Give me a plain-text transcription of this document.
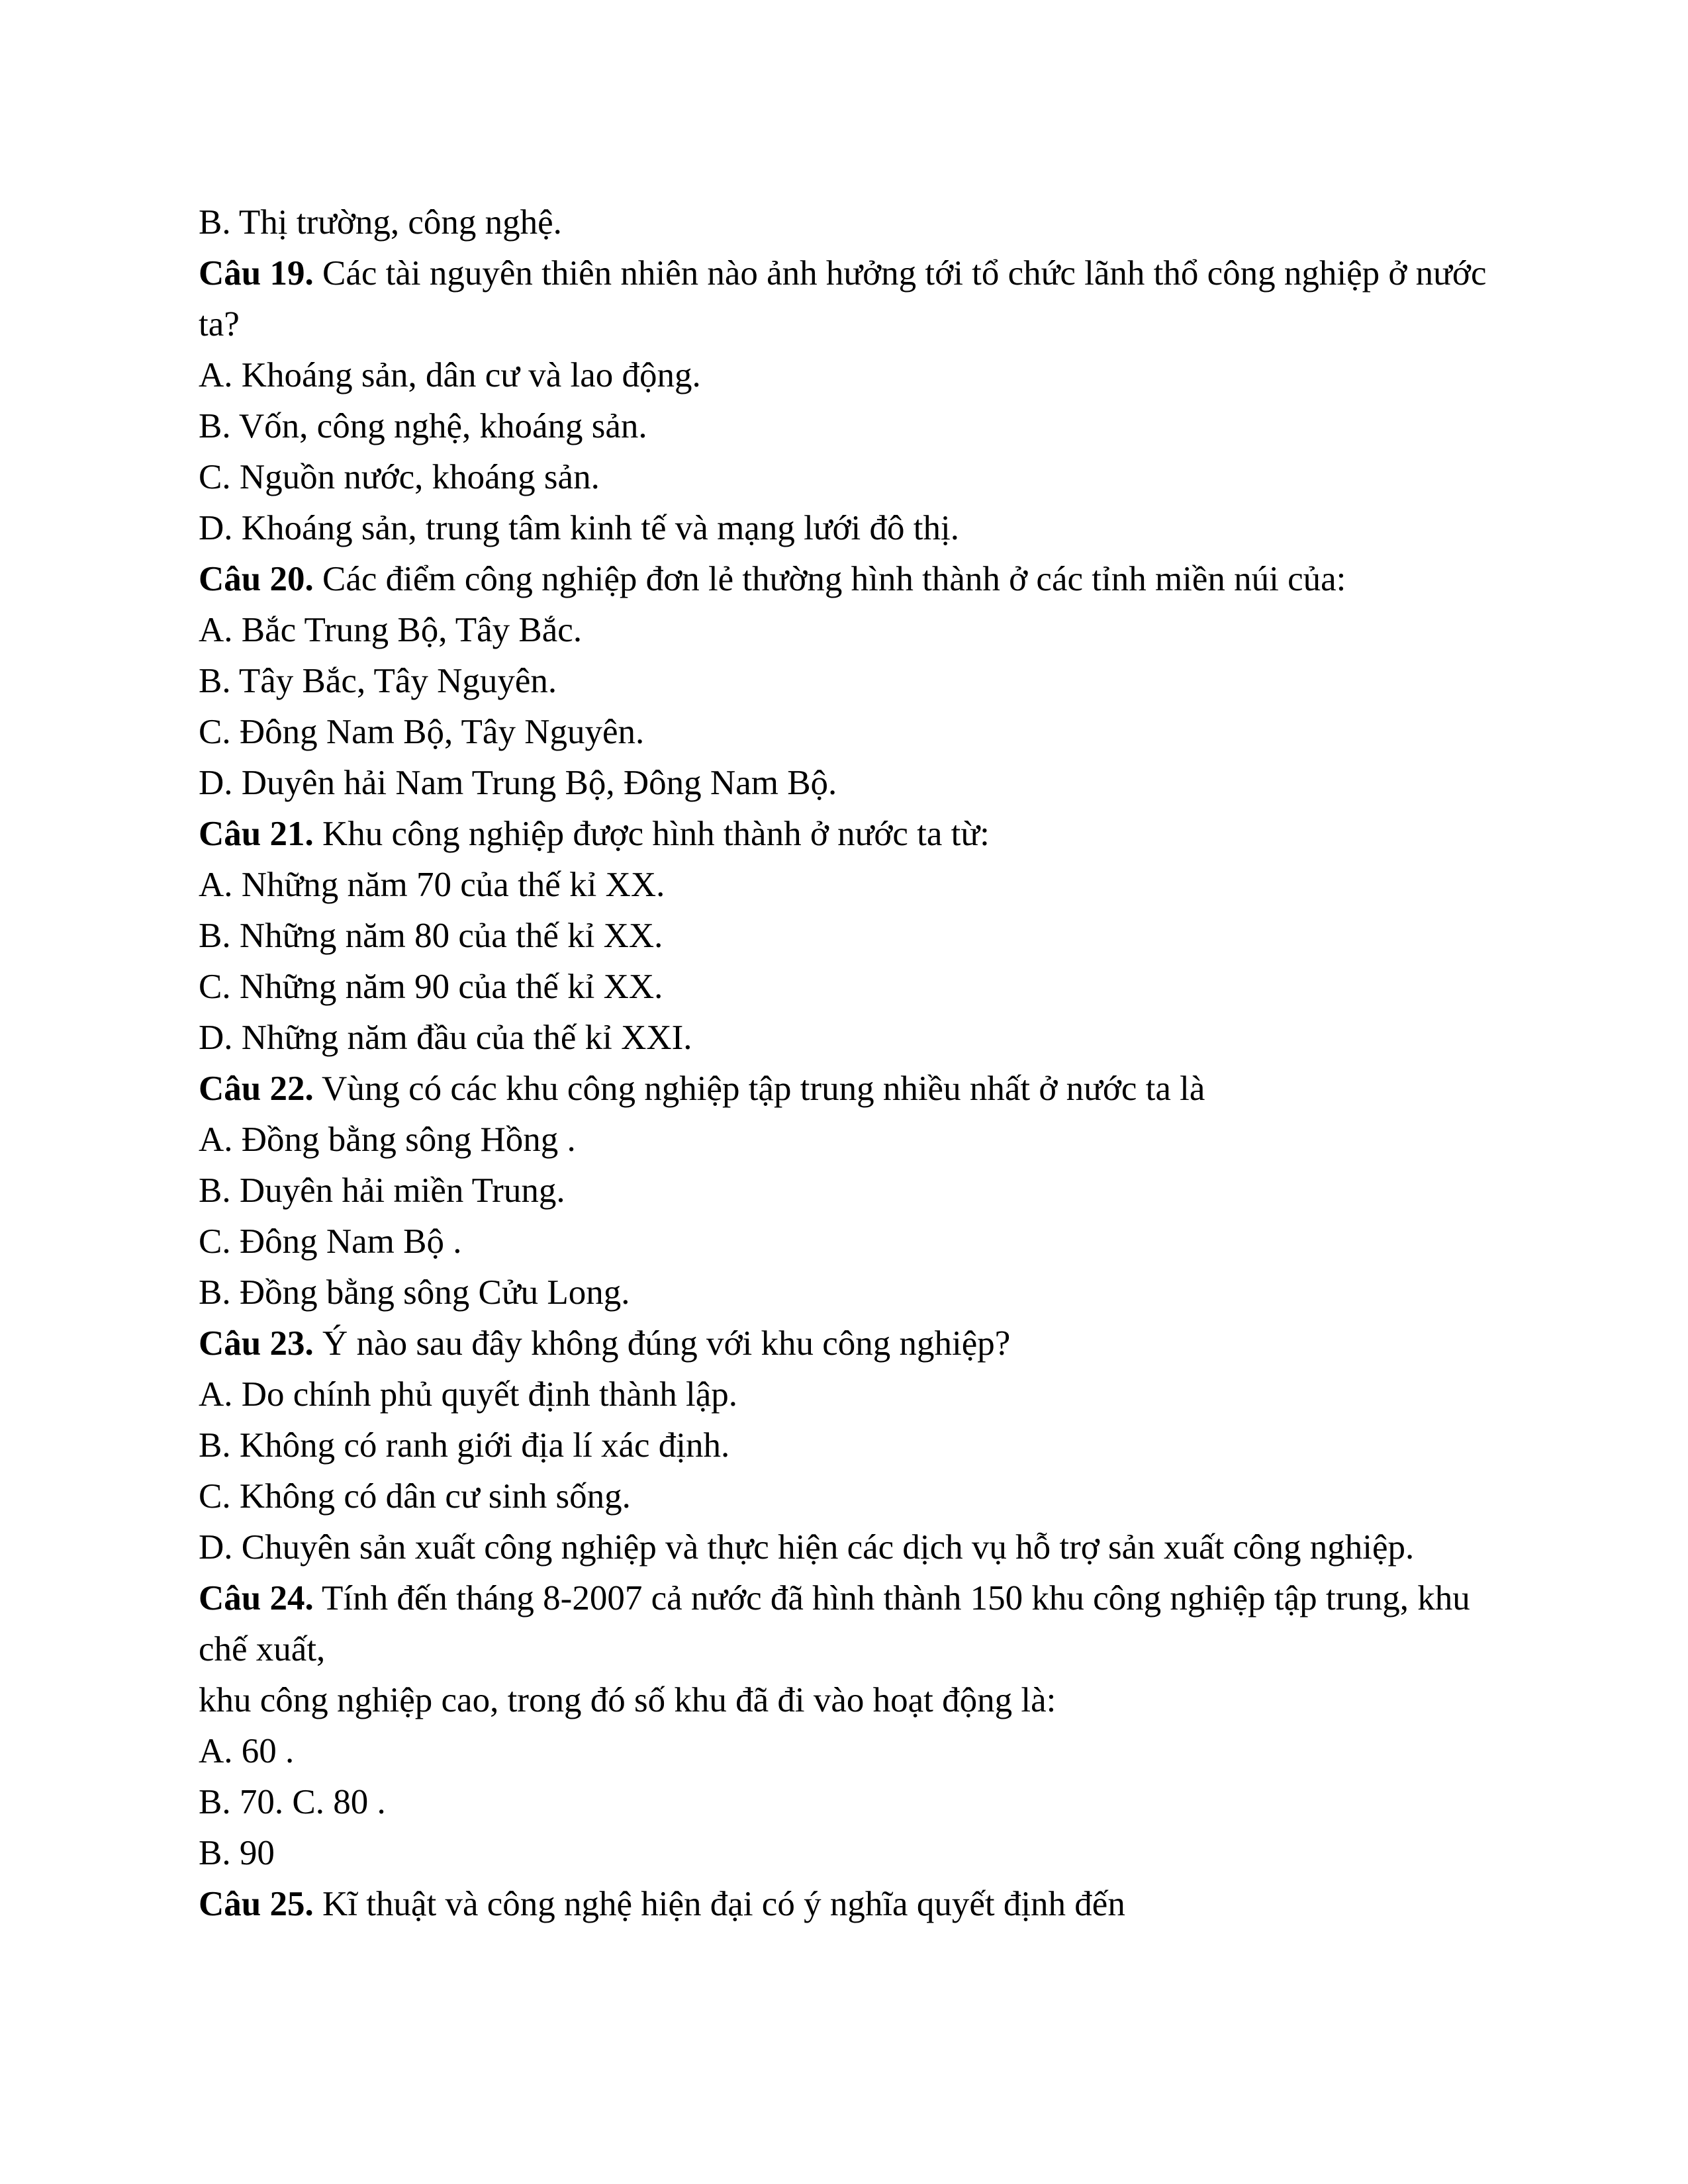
B. Thị trường, công nghệ.

Câu 19. Các tài nguyên thiên nhiên nào ảnh hưởng tới tổ chức lãnh thổ công nghiệp ở nước ta?

A. Khoáng sản, dân cư và lao động.

B. Vốn, công nghệ, khoáng sản.

C. Nguồn nước, khoáng sản.

D. Khoáng sản, trung tâm kinh tế và mạng lưới đô thị.

Câu 20. Các điểm công nghiệp đơn lẻ thường hình thành ở các tỉnh miền núi của:

A. Bắc Trung Bộ, Tây Bắc.

B. Tây Bắc, Tây Nguyên.

C. Đông Nam Bộ, Tây Nguyên.

D. Duyên hải Nam Trung Bộ, Đông Nam Bộ.

Câu 21. Khu công nghiệp được hình thành ở nước ta từ:

A. Những năm 70 của thế kỉ XX.

B. Những năm 80 của thế kỉ XX.

C. Những năm 90 của thế kỉ XX.

D. Những năm đầu của thế kỉ XXI.

Câu 22. Vùng có các khu công nghiệp tập trung nhiều nhất ở nước ta là

A. Đồng bằng sông Hồng .

B. Duyên hải miền Trung.

C. Đông Nam Bộ .

B. Đồng bằng sông Cửu Long.

Câu 23. Ý nào sau đây không đúng với khu công nghiệp?

A. Do chính phủ quyết định thành lập.

B. Không có ranh giới địa lí xác định.

C. Không có dân cư sinh sống.

D. Chuyên sản xuất công nghiệp và thực hiện các dịch vụ hỗ trợ sản xuất công nghiệp.

Câu 24. Tính đến tháng 8-2007 cả nước đã hình thành 150 khu công nghiệp tập trung, khu chế xuất,

khu công nghiệp cao, trong đó số khu đã đi vào hoạt động là:

A. 60 .

B. 70. C. 80 .

B. 90

Câu 25. Kĩ thuật và công nghệ hiện đại có ý nghĩa quyết định đến
